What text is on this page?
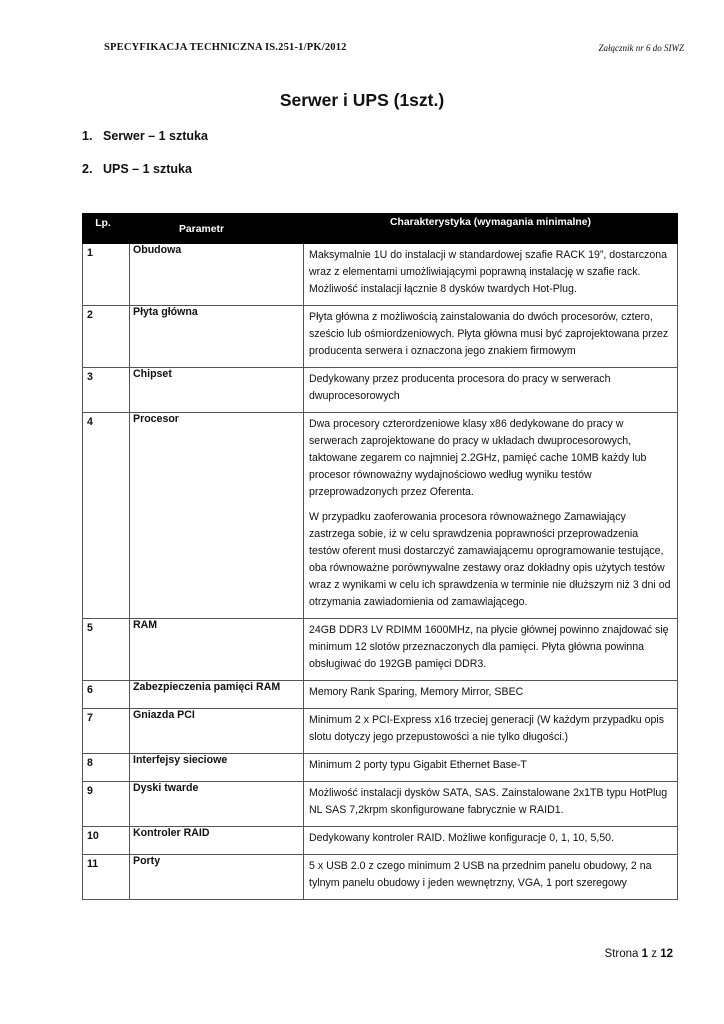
SPECYFIKACJA TECHNICZNA IS.251-1/PK/2012	Załącznik nr 6 do SIWZ
Serwer i UPS (1szt.)
1. Serwer – 1 sztuka
2. UPS – 1 sztuka
Lp.	Parametr	Charakterystyka (wymagania minimalne)
1	Obudowa	Maksymalnie 1U do instalacji w standardowej szafie RACK 19”, dostarczona wraz z elementami umożliwiającymi poprawną instalację w szafie rack. Możliwość instalacji łącznie 8 dysków twardych Hot-Plug.

2	Płyta główna	Płyta główna z możliwością zainstalowania do dwóch procesorów, cztero, sześcio lub ośmiordzeniowych. Płyta główna musi być zaprojektowana przez producenta serwera i oznaczona jego znakiem firmowym

3	Chipset	Dedykowany przez producenta procesora do pracy w serwerach dwuprocesorowych

4	Procesor	Dwa procesory czterordzeniowe klasy x86 dedykowane do pracy w serwerach zaprojektowane do pracy w układach dwuprocesorowych, taktowane zegarem co najmniej 2.2GHz, pamięć cache 10MB każdy lub procesor równoważny wydajnościowo według wyniku testów przeprowadzonych przez Oferenta.

W przypadku zaoferowania procesora równoważnego Zamawiający zastrzega sobie, iż w celu sprawdzenia poprawności przeprowadzenia testów oferent musi dostarczyć zamawiającemu oprogramowanie testujące, oba równoważne porównywalne zestawy oraz dokładny opis użytych testów wraz z wynikami w celu ich sprawdzenia w terminie nie dłuższym niż 3 dni od otrzymania zawiadomienia od zamawiającego.

5	RAM	24GB DDR3 LV RDIMM 1600MHz, na płycie głównej powinno znajdować się minimum 12 slotów przeznaczonych dla pamięci. Płyta główna powinna obsługiwać do 192GB pamięci DDR3.

6	Zabezpieczenia pamięci RAM	Memory Rank Sparing, Memory Mirror, SBEC

7	Gniazda PCI	Minimum 2 x PCI-Express x16 trzeciej generacji (W każdym przypadku opis slotu dotyczy jego przepustowości a nie tylko długości.)

8	Interfejsy sieciowe	Minimum 2 porty typu Gigabit Ethernet Base-T

9	Dyski twarde	Możliwość instalacji dysków SATA, SAS. Zainstalowane 2x1TB typu HotPlug NL SAS 7,2krpm skonfigurowane fabrycznie w RAID1.

10	Kontroler RAID	Dedykowany kontroler RAID. Możliwe konfiguracje 0, 1, 10, 5,50.

11	Porty	5 x USB 2.0 z czego minimum 2 USB na przednim panelu obudowy, 2 na tylnym panelu obudowy i jeden wewnętrzny, VGA, 1 port szeregowy

Strona 1 z 12
